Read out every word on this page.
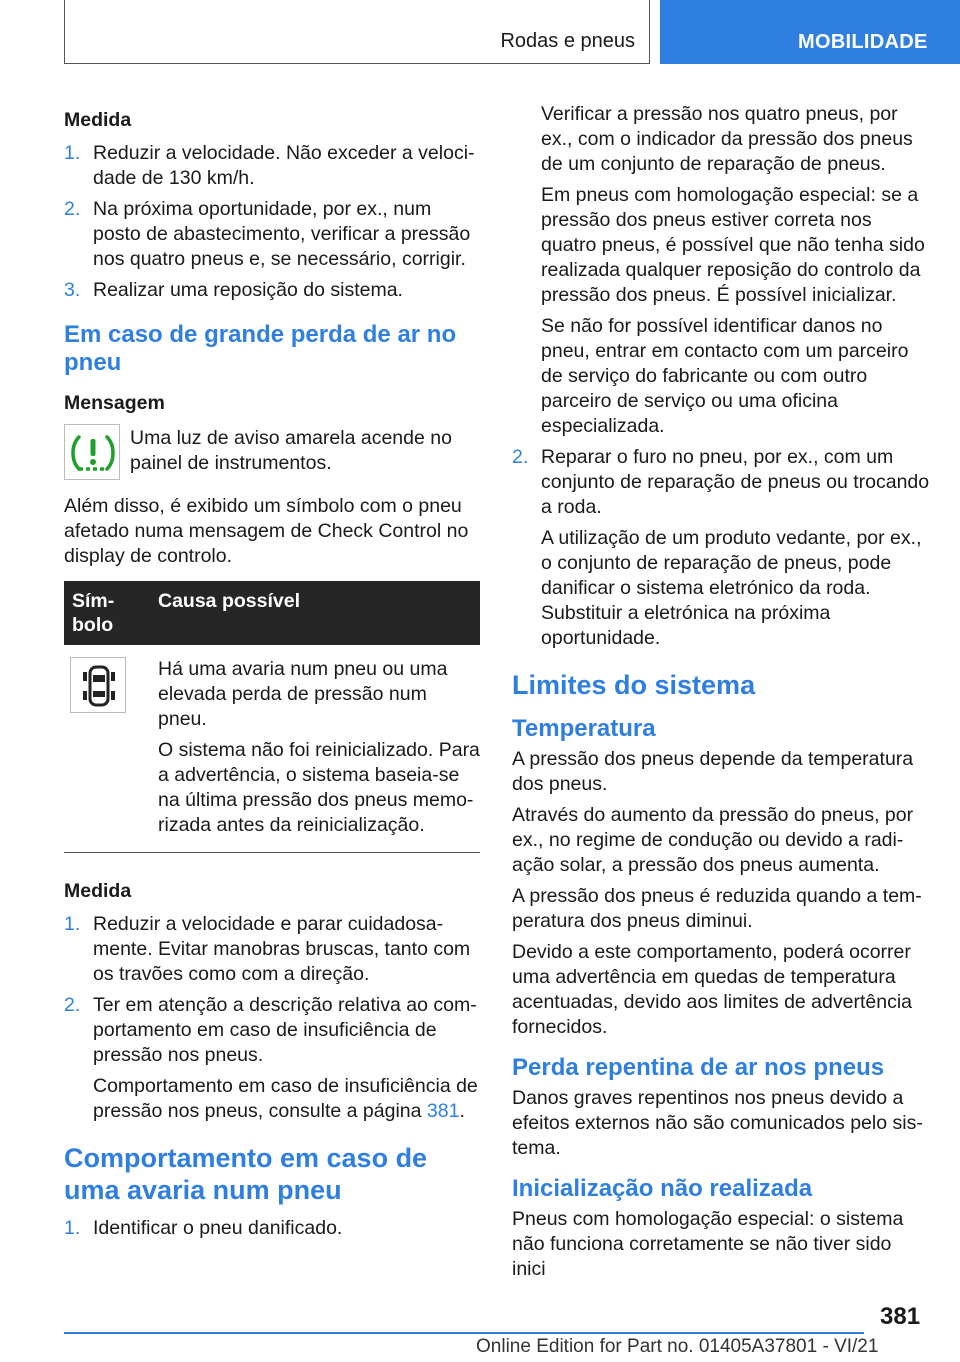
Rodas e pneus	MOBILIDADE
Medida
1. Reduzir a velocidade. Não exceder a velocidade de 130 km/h.
2. Na próxima oportunidade, por ex., num posto de abastecimento, verificar a pressão nos quatro pneus e, se necessário, corrigir.
3. Realizar uma reposição do sistema.
Em caso de grande perda de ar no pneu
Mensagem
Uma luz de aviso amarela acende no painel de instrumentos.

Além disso, é exibido um símbolo com o pneu afetado numa mensagem de Check Control no display de controlo.

Símbolo
Causa possível

Há uma avaria num pneu ou uma elevada perda de pressão num pneu.

O sistema não foi reinicializado. Para a advertência, o sistema baseia-se na última pressão dos pneus memorizada antes da reinicialização.

Medida
1. Reduzir a velocidade e parar cuidadosamente. Evitar manobras bruscas, tanto com os travões como com a direção.
2. Ter em atenção a descrição relativa ao comportamento em caso de insuficiência de pressão nos pneus.
Comportamento em caso de insuficiência de pressão nos pneus, consulte a página 381.
Comportamento em caso de uma avaria num pneu
1. Identificar o pneu danificado.

Verificar a pressão nos quatro pneus, por ex., com o indicador da pressão dos pneus de um conjunto de reparação de pneus.

Em pneus com homologação especial: se a pressão dos pneus estiver correta nos quatro pneus, é possível que não tenha sido realizada qualquer reposição do controlo da pressão dos pneus. É possível inicializar.

Se não for possível identificar danos no pneu, entrar em contacto com um parceiro de serviço do fabricante ou com outro parceiro de serviço ou uma oficina especializada.

2. Reparar o furo no pneu, por ex., com um conjunto de reparação de pneus ou trocando a roda.
A utilização de um produto vedante, por ex., o conjunto de reparação de pneus, pode danificar o sistema eletrónico da roda. Substituir a eletrónica na próxima oportunidade.
Limites do sistema
Temperatura

A pressão dos pneus depende da temperatura dos pneus.

Através do aumento da pressão do pneus, por ex., no regime de condução ou devido a radiação solar, a pressão dos pneus aumenta.

A pressão dos pneus é reduzida quando a temperatura dos pneus diminui.

Devido a este comportamento, poderá ocorrer uma advertência em quedas de temperatura acentuadas, devido aos limites de advertência fornecidos.

Perda repentina de ar nos pneus

Danos graves repentinos nos pneus devido a efeitos externos não são comunicados pelo sistema.

Inicialização não realizada

Pneus com homologação especial: o sistema não funciona corretamente se não tiver sido inici

381
Online Edition for Part no. 01405A37801 - VI/21
